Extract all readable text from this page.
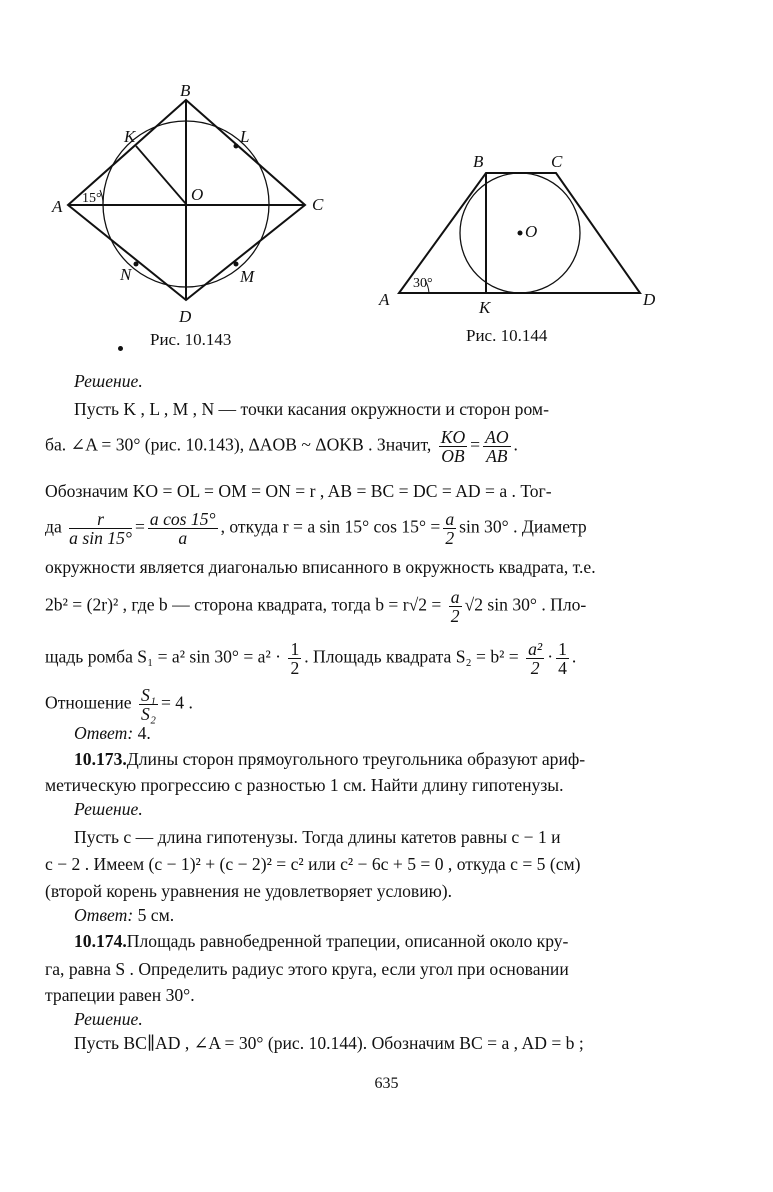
B
A	C
D
K	L
M
N
O
15°
Рис. 10.143
B	C
A	D
K
O
30°
Рис. 10.144
Решение.
Пусть K , L , M , N — точки касания окружности и сторон ром-
ба. ∠A = 30° (рис. 10.143), ΔAOB ~ ΔOKB . Значит, $\frac{KO}{OB} = \frac{AO}{AB}$ .
Обозначим KO = OL = OM = ON = r , AB = BC = DC = AD = a . Тог-
да $\frac{r}{\text{a sin 15°}} = \frac{\text{a cos 15°}}{a}$ , откуда r = a sin 15° $\cos 15^\circ = \frac{a}{2}$ sin 30° . Диаметр
окружности является диагональю вписанного в окружность квадрата, т.е.
2b² = (2r)² , где b — сторона квадрата, тогда $b = r√2 = \frac{a}{2} √2$ sin 30° . Пло-
щадь ромба S₁ = a² $\sin 30^\circ = a^2 \cdot \frac{1}{2}$ . Площадь квадрата $S_2 = b^2 = \frac{\text{a²}}{2} \cdot \frac{1}{4}$ .
Отношение $\frac{\text{S₁}}{\text{S₂}} = 4$ .
Ответ: 4.
10.173.Длины сторон прямоугольного треугольника образуют ариф-
метическую прогрессию с разностью 1 см. Найти длину гипотенузы.
Решение.
Пусть c — длина гипотенузы. Тогда длины катетов равны c − 1 и
c − 2 . Имеем (c − 1)² + (c − 2)² = c² или c² − 6c + 5 = 0 , откуда c = 5 (см)
(второй корень уравнения не удовлетворяет условию).
Ответ: 5 см.
10.174.Площадь равнобедренной трапеции, описанной около кру-
га, равна S . Определить радиус этого круга, если угол при основании
трапеции равен 30°.
Решение.
Пусть BC∥AD , ∠A = 30° (рис. 10.144). Обозначим BC = a , AD = b ;
635
